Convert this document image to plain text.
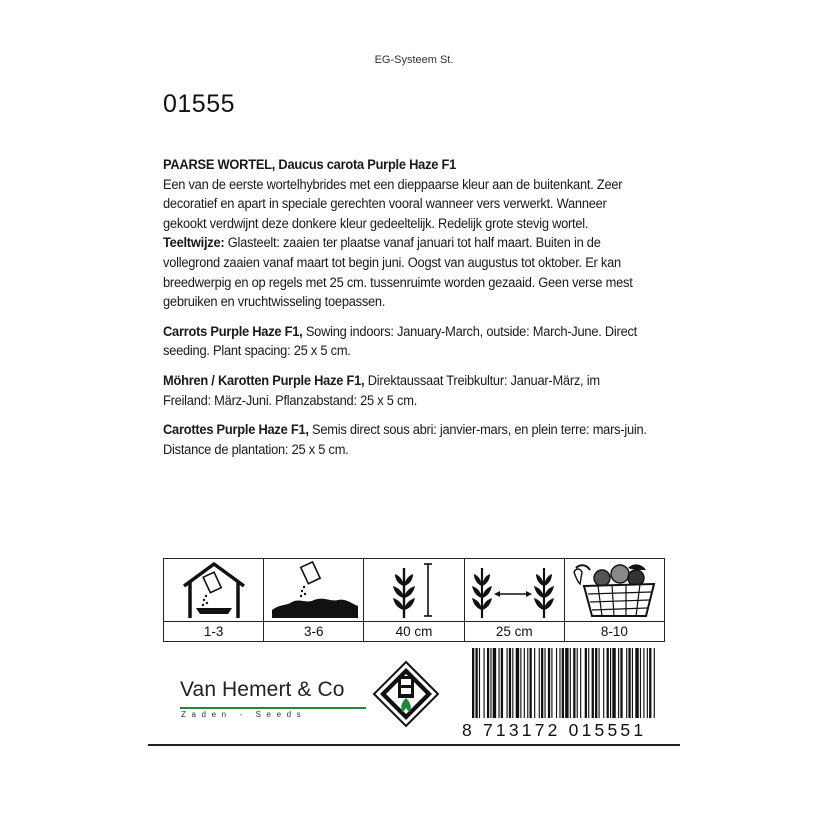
EG-Systeem St.
01555

PAARSE WORTEL, Daucus carota Purple Haze F1
Een van de eerste wortelhybrides met een dieppaarse kleur aan de buitenkant. Zeer decoratief en apart in speciale gerechten vooral wanneer vers verwerkt. Wanneer gekookt verdwijnt deze donkere kleur gedeeltelijk. Redelijk grote stevig wortel.
Teeltwijze: Glasteelt: zaaien ter plaatse vanaf januari tot half maart. Buiten in de vollegrond zaaien vanaf maart tot begin juni. Oogst van augustus tot oktober. Er kan breedwerpig en op regels met 25 cm. tussenruimte worden gezaaid. Geen verse mest gebruiken en vruchtwisseling toepassen.

Carrots Purple Haze F1, Sowing indoors: January-March, outside: March-June. Direct seeding. Plant spacing: 25 x 5 cm.

Möhren / Karotten Purple Haze F1, Direktaussaat Treibkultur: Januar-März, im Freiland: März-Juni. Pflanzabstand: 25 x 5 cm.

Carottes Purple Haze F1, Semis direct sous abri: janvier-mars, en plein terre: mars-juin. Distance de plantation: 25 x 5 cm.

1-3	3-6	40 cm	25 cm	8-10
Van Hemert & Co
Zaden - Seeds
8 713172 015551
